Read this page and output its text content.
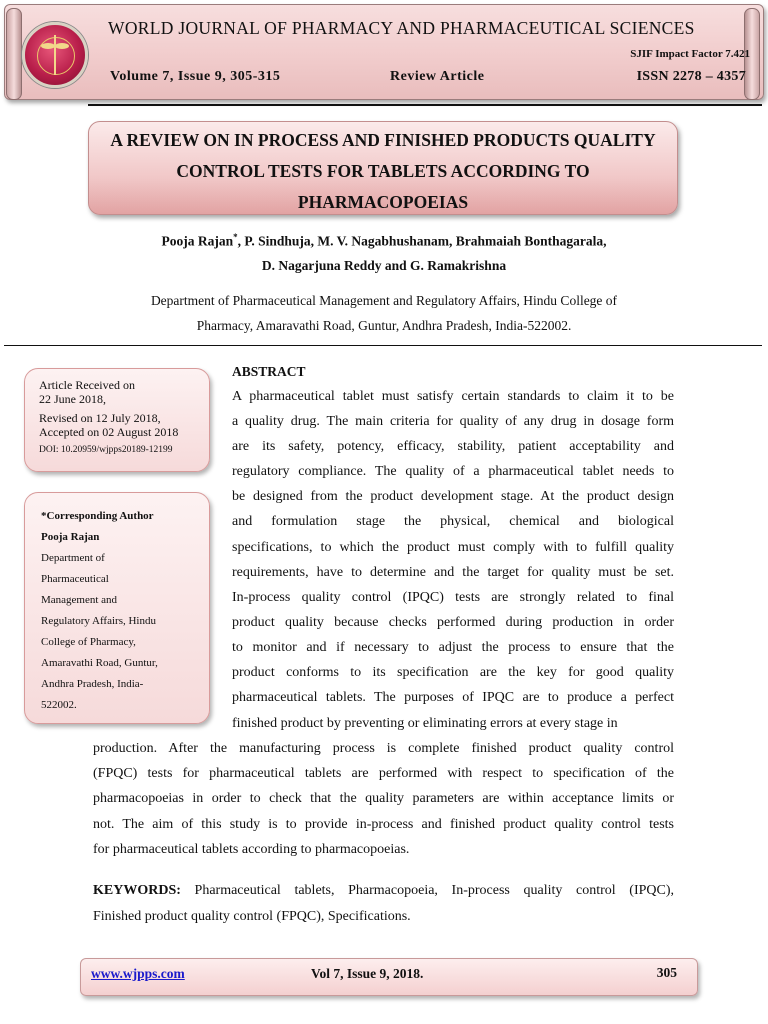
WORLD JOURNAL OF PHARMACY AND PHARMACEUTICAL SCIENCES
SJIF Impact Factor 7.421
Volume 7, Issue 9, 305-315	Review Article	ISSN 2278 – 4357
A REVIEW ON IN PROCESS AND FINISHED PRODUCTS QUALITY
CONTROL TESTS FOR TABLETS ACCORDING TO
PHARMACOPOEIAS
Pooja Rajan*, P. Sindhuja, M. V. Nagabhushanam, Brahmaiah Bonthagarala,
D. Nagarjuna Reddy and G. Ramakrishna
Department of Pharmaceutical Management and Regulatory Affairs, Hindu College of
Pharmacy, Amaravathi Road, Guntur, Andhra Pradesh, India-522002.
Article Received on
22 June 2018,
Revised on 12 July 2018,
Accepted on 02 August 2018
DOI: 10.20959/wjpps20189-12199
*Corresponding Author
Pooja Rajan
Department of
Pharmaceutical
Management and
Regulatory Affairs, Hindu
College of Pharmacy,
Amaravathi Road, Guntur,
Andhra Pradesh, India-
522002.
ABSTRACT
A pharmaceutical tablet must satisfy certain standards to claim it to be
a quality drug. The main criteria for quality of any drug in dosage form
are its safety, potency, efficacy, stability, patient acceptability and
regulatory compliance. The quality of a pharmaceutical tablet needs to
be designed from the product development stage. At the product design
and formulation stage the physical, chemical and biological
specifications, to which the product must comply with to fulfill quality
requirements, have to determine and the target for quality must be set.
In-process quality control (IPQC) tests are strongly related to final
product quality because checks performed during production in order
to monitor and if necessary to adjust the process to ensure that the
product conforms to its specification are the key for good quality
pharmaceutical tablets. The purposes of IPQC are to produce a perfect
finished product by preventing or eliminating errors at every stage in
production. After the manufacturing process is complete finished product quality control
(FPQC) tests for pharmaceutical tablets are performed with respect to specification of the
pharmacopoeias in order to check that the quality parameters are within acceptance limits or
not. The aim of this study is to provide in-process and finished product quality control tests
for pharmaceutical tablets according to pharmacopoeias.
KEYWORDS: Pharmaceutical tablets, Pharmacopoeia, In-process quality control (IPQC),
Finished product quality control (FPQC), Specifications.
www.wjpps.com	Vol 7, Issue 9, 2018.	305
